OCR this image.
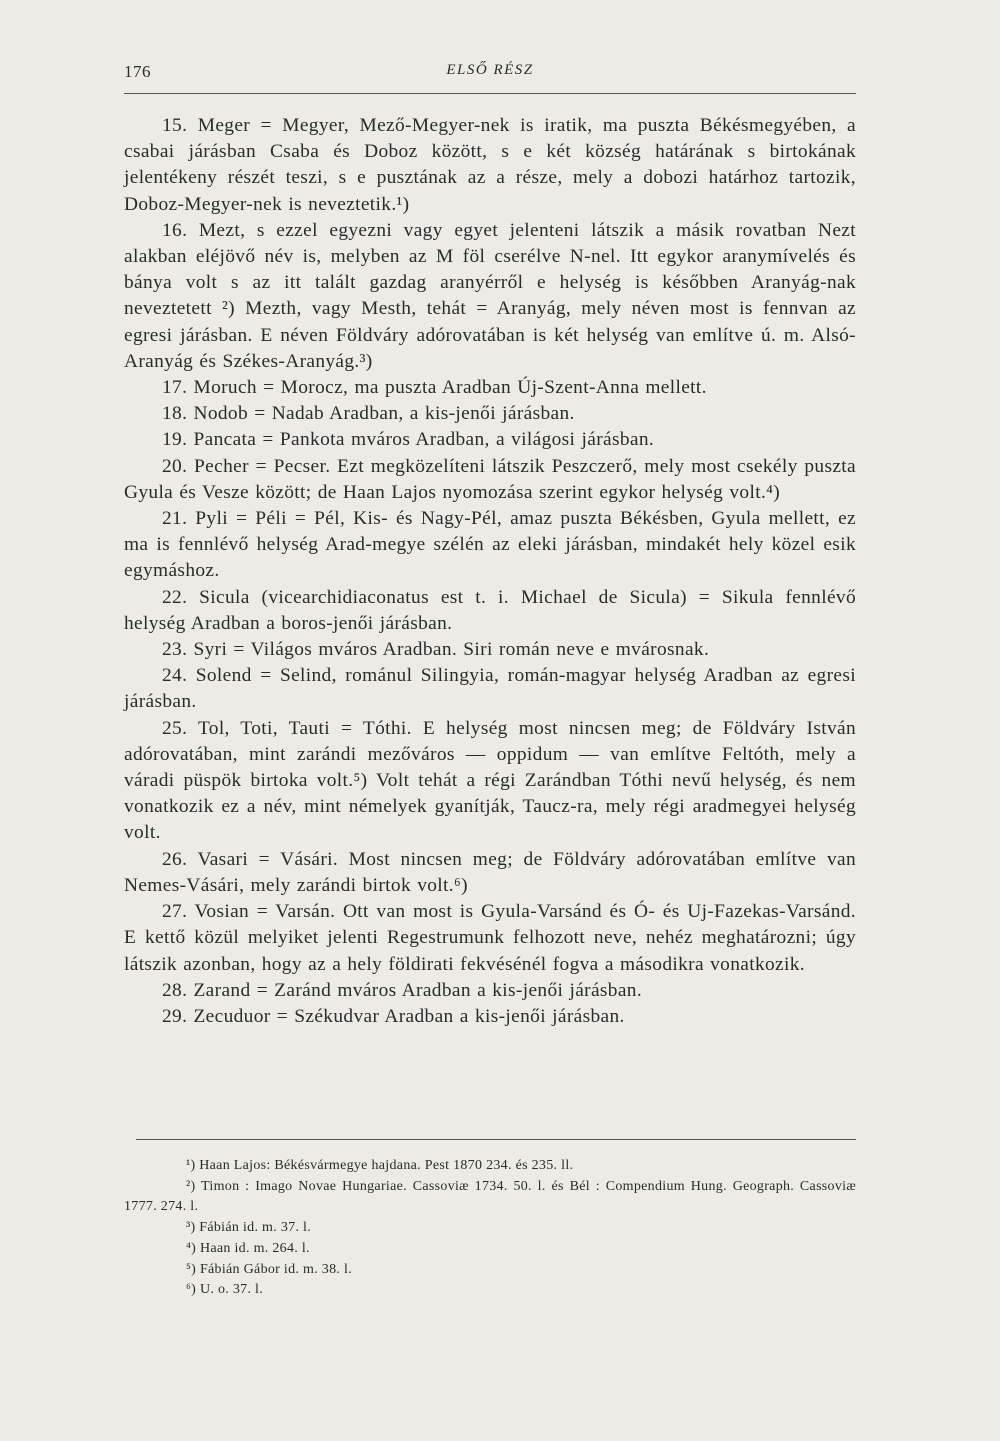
176	ELSŐ RÉSZ

15. Meger = Megyer, Mező-Megyer-nek is iratik, ma puszta Békésmegyében, a csabai járásban Csaba és Doboz között, s e két község határának s birtokának jelentékeny részét teszi, s e pusztának az a része, mely a dobozi határhoz tartozik, Doboz-Megyer-nek is neveztetik.¹)

16. Mezt, s ezzel egyezni vagy egyet jelenteni látszik a másik rovatban Nezt alakban eléjövő név is, melyben az M föl cserélve N-nel. Itt egykor aranymívelés és bánya volt s az itt talált gazdag aranyérről e helység is későbben Aranyág-nak neveztetett ²) Mezth, vagy Mesth, tehát = Aranyág, mely néven most is fennvan az egresi járásban. E néven Földváry adórovatában is két helység van említve ú. m. Alsó-Aranyág és Székes-Aranyág.³)

17. Moruch = Morocz, ma puszta Aradban Új-Szent-Anna mellett.

18. Nodob = Nadab Aradban, a kis-jenői járásban.

19. Pancata = Pankota mváros Aradban, a világosi járásban.

20. Pecher = Pecser. Ezt megközelíteni látszik Peszczerő, mely most csekély puszta Gyula és Vesze között; de Haan Lajos nyomozása szerint egykor helység volt.⁴)

21. Pyli = Péli = Pél, Kis- és Nagy-Pél, amaz puszta Békésben, Gyula mellett, ez ma is fennlévő helység Arad-megye szélén az eleki járásban, mindakét hely közel esik egymáshoz.

22. Sicula (vicearchidiaconatus est t. i. Michael de Sicula) = Sikula fennlévő helység Aradban a boros-jenői járásban.

23. Syri = Világos mváros Aradban. Siri román neve e mvárosnak.

24. Solend = Selind, románul Silingyia, román-magyar helység Aradban az egresi járásban.

25. Tol, Toti, Tauti = Tóthi. E helység most nincsen meg; de Földváry István adórovatában, mint zarándi mezőváros — oppidum — van említve Feltóth, mely a váradi püspök birtoka volt.⁵) Volt tehát a régi Zarándban Tóthi nevű helység, és nem vonatkozik ez a név, mint némelyek gyanítják, Taucz-ra, mely régi aradmegyei helység volt.

26. Vasari = Vásári. Most nincsen meg; de Földváry adórovatában említve van Nemes-Vásári, mely zarándi birtok volt.⁶)

27. Vosian = Varsán. Ott van most is Gyula-Varsánd és Ó- és Uj-Fazekas-Varsánd. E kettő közül melyiket jelenti Regestrumunk felhozott neve, nehéz meghatározni; úgy látszik azonban, hogy az a hely földirati fekvésénél fogva a másodikra vonatkozik.

28. Zarand = Zaránd mváros Aradban a kis-jenői járásban.

29. Zecuduor = Székudvar Aradban a kis-jenői járásban.

¹) Haan Lajos: Békésvármegye hajdana. Pest 1870 234. és 235. ll.

²) Timon : Imago Novae Hungariae. Cassoviæ 1734. 50. l. és Bél : Compendium Hung. Geograph. Cassoviæ 1777. 274. l.

³) Fábián id. m. 37. l.

⁴) Haan id. m. 264. l.

⁵) Fábián Gábor id. m. 38. l.

⁶) U. o. 37. l.
